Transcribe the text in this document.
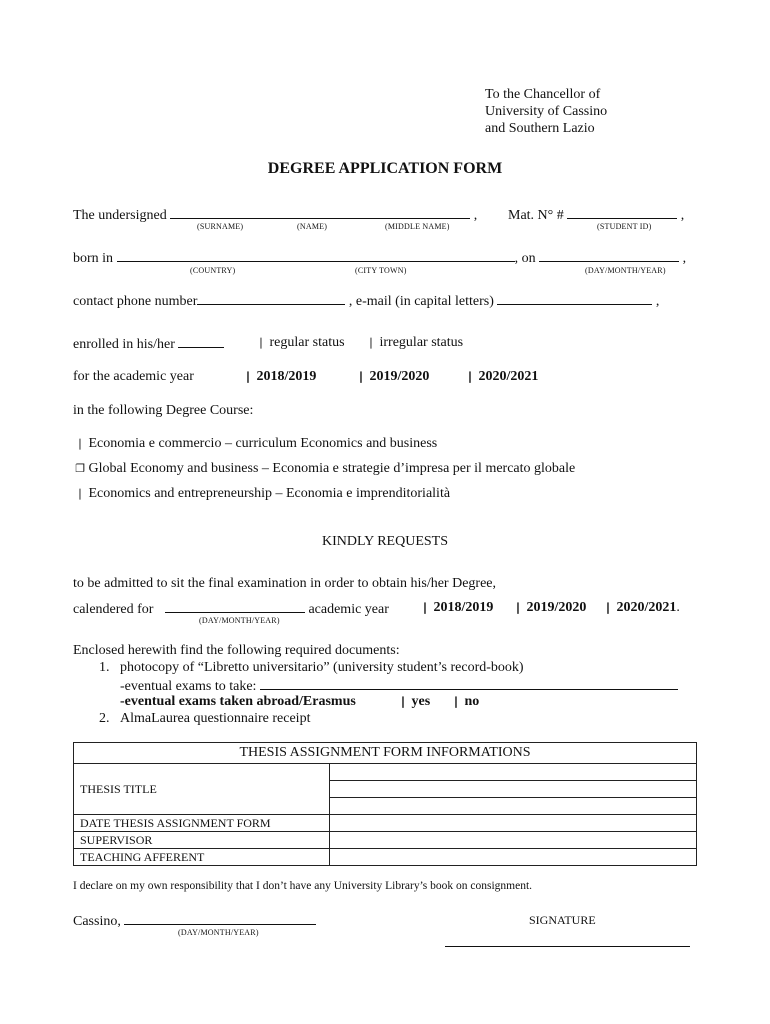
To the Chancellor of
University of Cassino
and Southern Lazio
DEGREE APPLICATION FORM
The undersigned	, Mat. N° #	,
(SURNAME)	(NAME)	(MIDDLE NAME)	(STUDENT ID)
born in	, on	,
(COUNTRY)	(CITY TOWN)	(DAY/MONTH/YEAR)
contact phone number	, e-mail (in capital letters)	,
enrolled in his/her	❘ regular status ❘ irregular status
for the academic year	❘ 2018/2019	❘ 2019/2020	❘ 2020/2021
in the following Degree Course:
❘ Economia e commercio – curriculum Economics and business
❐ Global Economy and business – Economia e strategie d’impresa per il mercato globale
❘ Economics and entrepreneurship – Economia e imprenditorialità
KINDLY REQUESTS
to be admitted to sit the final examination in order to obtain his/her Degree,
calendered for	academic year	❘ 2018/2019 ❘ 2019/2020 ❘ 2020/2021.
(DAY/MONTH/YEAR)
Enclosed herewith find the following required documents:
1. photocopy of “Libretto universitario” (university student’s record-book)
-eventual exams to take:
-eventual exams taken abroad/Erasmus	❘ yes ❘ no
2. AlmaLaurea questionnaire receipt
THESIS ASSIGNMENT FORM INFORMATIONS	
THESIS TITLE	

DATE THESIS ASSIGNMENT FORM	
SUPERVISOR	
TEACHING AFFERENT	
I declare on my own responsibility that I don’t have any University Library’s book on consignment.
Cassino,
(DAY/MONTH/YEAR)
SIGNATURE
